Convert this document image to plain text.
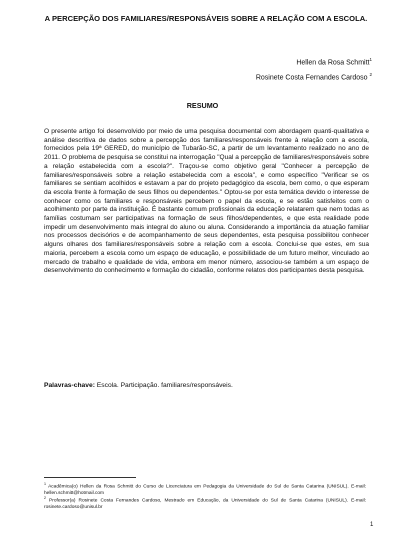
A PERCEPÇÃO DOS FAMILIARES/RESPONSÁVEIS SOBRE A RELAÇÃO COM A ESCOLA.
Hellen da Rosa Schmitt$^1$
Rosinete Costa Fernandes Cardoso $^2$
RESUMO

O presente artigo foi desenvolvido por meio de uma pesquisa documental com abordagem quanti-qualitativa e análise descritiva de dados sobre a percepção dos familiares/responsáveis frente à relação com a escola, fornecidos pela 19ª GERED, do município de Tubarão-SC, a partir de um levantamento realizado no ano de 2011. O problema de pesquisa se constitui na interrogação "Qual a percepção de familiares/responsáveis sobre a relação estabelecida com a escola?". Traçou-se como objetivo geral "Conhecer a percepção de familiares/responsáveis sobre a relação estabelecida com a escola", e como específico "Verificar se os familiares se sentiam acolhidos e estavam a par do projeto pedagógico da escola, bem como, o que esperam da escola frente à formação de seus filhos ou dependentes." Optou-se por esta temática devido o interesse de conhecer como os familiares e responsáveis percebem o papel da escola, e se estão satisfeitos com o acolhimento por parte da instituição. É bastante comum profissionais da educação relatarem que nem todas as famílias costumam ser participativas na formação de seus filhos/dependentes, e que esta realidade pode impedir um desenvolvimento mais integral do aluno ou aluna. Considerando a importância da atuação familiar nos processos decisórios e de acompanhamento de seus dependentes, esta pesquisa possibilitou conhecer alguns olhares dos familiares/responsáveis sobre a relação com a escola. Conclui-se que estes, em sua maioria, percebem a escola como um espaço de educação, e possibilidade de um futuro melhor, vinculado ao mercado de trabalho e qualidade de vida, embora em menor número, associou-se também a um espaço de desenvolvimento do conhecimento e formação do cidadão, conforme relatos dos participantes desta pesquisa.

Palavras-chave: Escola. Participação. familiares/responsáveis.

$^1$ Acadêmica(o) Hellen da Rosa Schmitt do Curso de Licenciatura em Pedagogia da Universidade do Sul de Santa Catarina (UNISUL). E-mail: hellen.schmitt@hotmail.com

$^2$ Professor(a) Rosinete Costa Fernandes Cardoso, Mestrado em Educação, da Universidade do Sul de Santa Catarina (UNISUL). E-mail: rosinete.cardoso@unisul.br

1
